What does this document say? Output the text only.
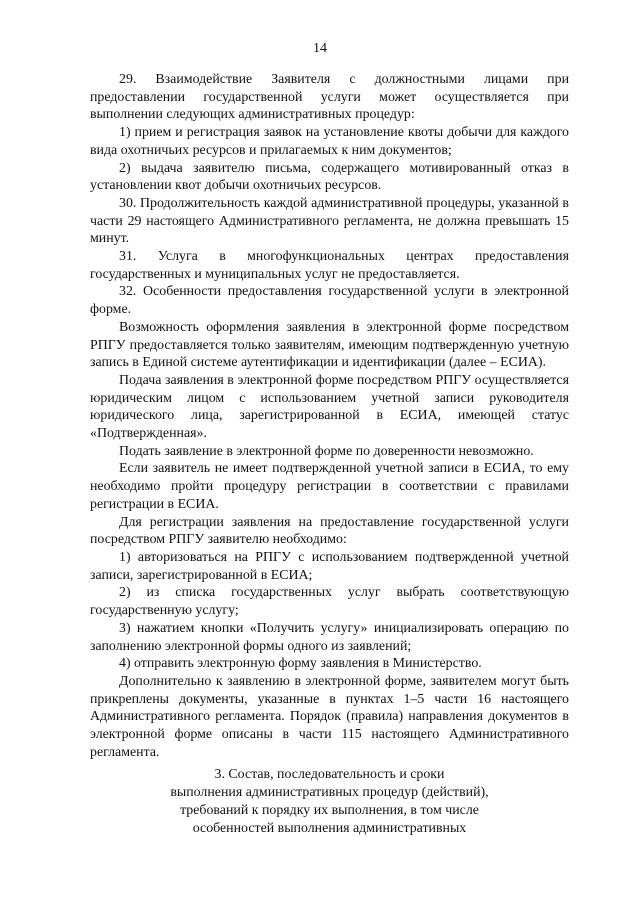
14

29. Взаимодействие Заявителя с должностными лицами при предоставлении государственной услуги может осуществляется при выполнении следующих административных процедур:

1) прием и регистрация заявок на установление квоты добычи для каждого вида охотничьих ресурсов и прилагаемых к ним документов;

2) выдача заявителю письма, содержащего мотивированный отказ в установлении квот добычи охотничьих ресурсов.

30. Продолжительность каждой административной процедуры, указанной в части 29 настоящего Административного регламента, не должна превышать 15 минут.

31. Услуга в многофункциональных центрах предоставления государственных и муниципальных услуг не предоставляется.

32. Особенности предоставления государственной услуги в электронной форме.

Возможность оформления заявления в электронной форме посредством РПГУ предоставляется только заявителям, имеющим подтвержденную учетную запись в Единой системе аутентификации и идентификации (далее – ЕСИА).

Подача заявления в электронной форме посредством РПГУ осуществляется юридическим лицом с использованием учетной записи руководителя юридического лица, зарегистрированной в ЕСИА, имеющей статус «Подтвержденная».

Подать заявление в электронной форме по доверенности невозможно.

Если заявитель не имеет подтвержденной учетной записи в ЕСИА, то ему необходимо пройти процедуру регистрации в соответствии с правилами регистрации в ЕСИА.

Для регистрации заявления на предоставление государственной услуги посредством РПГУ заявителю необходимо:

1) авторизоваться на РПГУ с использованием подтвержденной учетной записи, зарегистрированной в ЕСИА;

2) из списка государственных услуг выбрать соответствующую государственную услугу;

3) нажатием кнопки «Получить услугу» инициализировать операцию по заполнению электронной формы одного из заявлений;

4) отправить электронную форму заявления в Министерство.

Дополнительно к заявлению в электронной форме, заявителем могут быть прикреплены документы, указанные в пунктах 1–5 части 16 настоящего Административного регламента. Порядок (правила) направления документов в электронной форме описаны в части 115 настоящего Административного регламента.

3. Состав, последовательность и сроки
выполнения административных процедур (действий),
требований к порядку их выполнения, в том числе
особенностей выполнения административных
